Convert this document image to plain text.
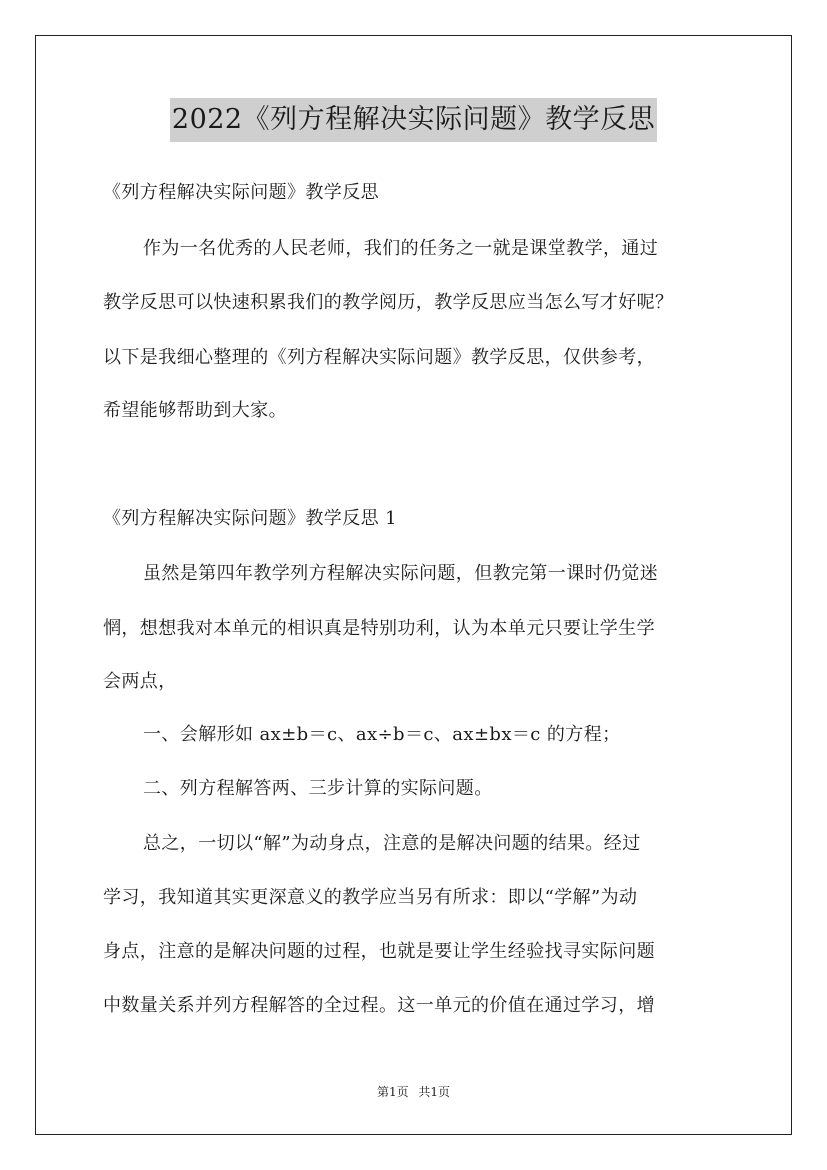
2022《列方程解决实际问题》教学反思
《列方程解决实际问题》教学反思
作为一名优秀的人民老师，我们的任务之一就是课堂教学，通过
教学反思可以快速积累我们的教学阅历，教学反思应当怎么写才好呢？
以下是我细心整理的《列方程解决实际问题》教学反思，仅供参考，
希望能够帮助到大家。
《列方程解决实际问题》教学反思 1
虽然是第四年教学列方程解决实际问题，但教完第一课时仍觉迷
惘，想想我对本单元的相识真是特别功利，认为本单元只要让学生学
会两点，
一、会解形如 ax±b＝c、ax÷b＝c、ax±bx＝c 的方程；
二、列方程解答两、三步计算的实际问题。
总之，一切以“解”为动身点，注意的是解决问题的结果。经过
学习，我知道其实更深意义的教学应当另有所求：即以“学解”为动
身点，注意的是解决问题的过程，也就是要让学生经验找寻实际问题
中数量关系并列方程解答的全过程。这一单元的价值在通过学习，增
第1页 共1页
